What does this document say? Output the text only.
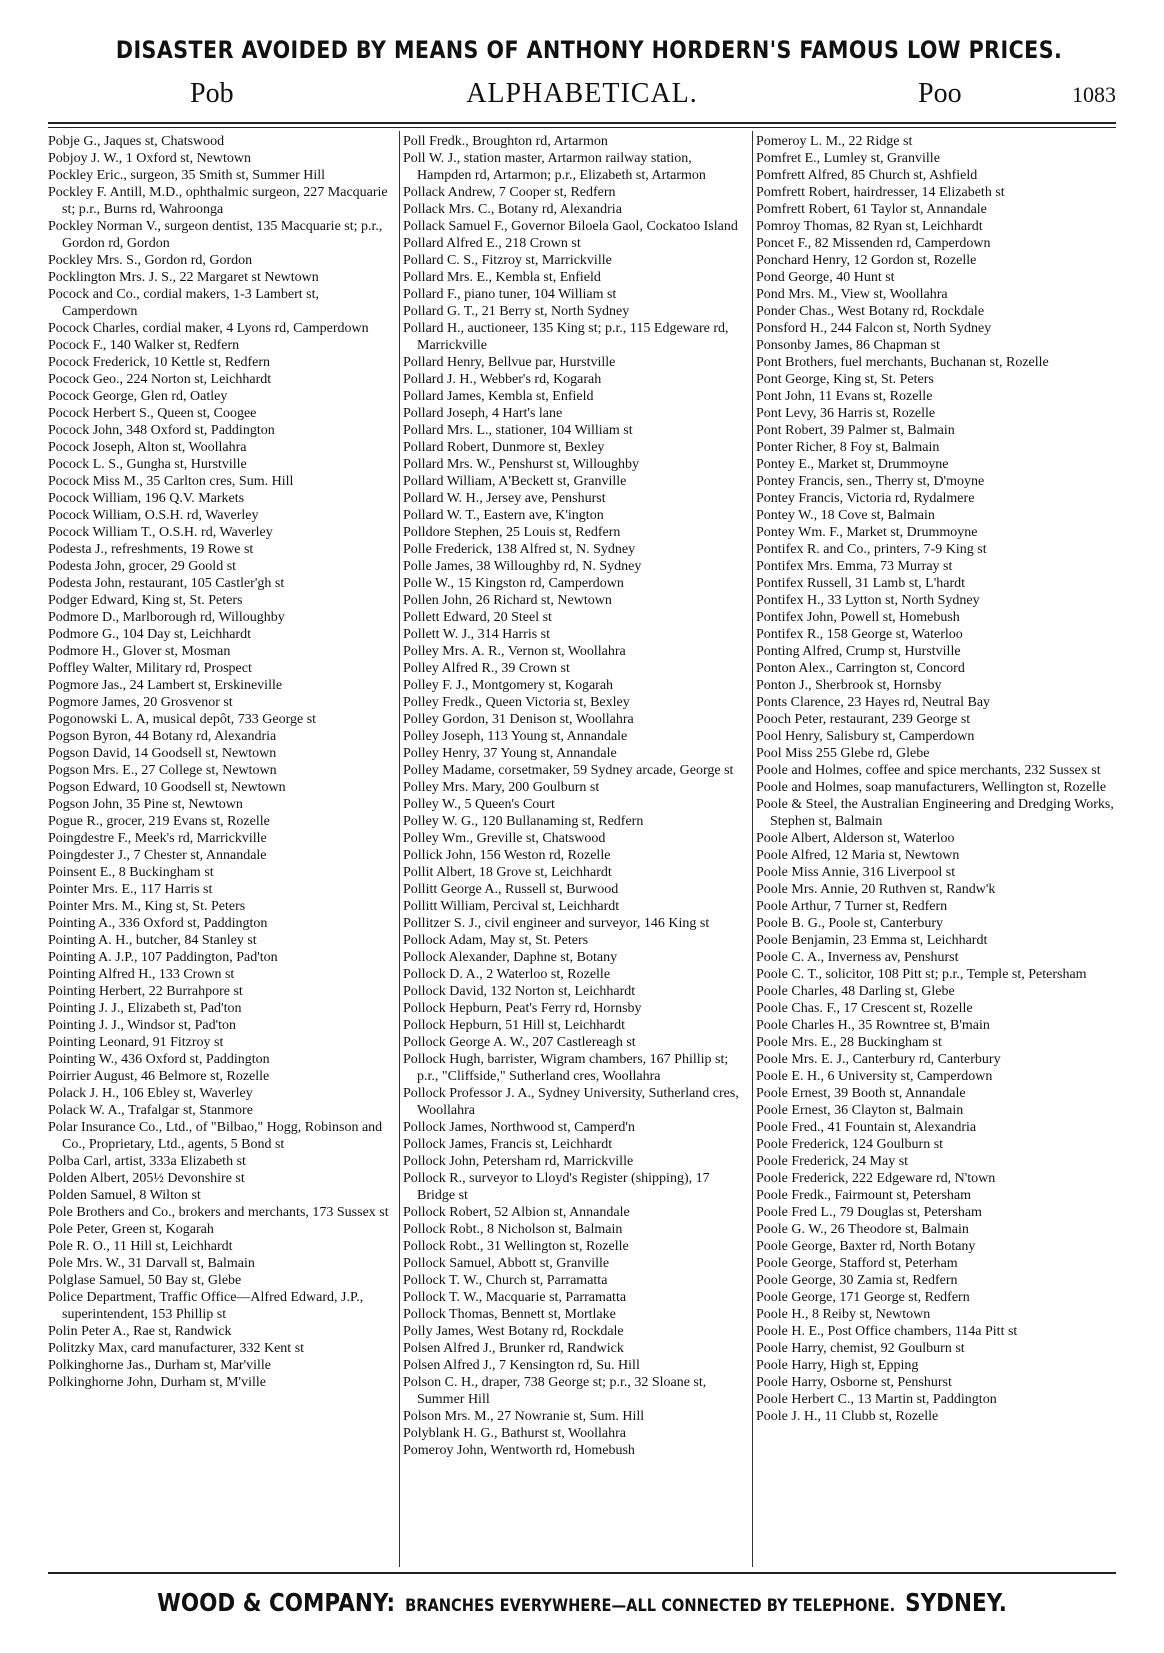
DISASTER AVOIDED BY MEANS OF ANTHONY HORDERN'S FAMOUS LOW PRICES.
Pob	ALPHABETICAL.	Poo	1083

Pobje G., Jaques st, Chatswood

Pobjoy J. W., 1 Oxford st, Newtown

Pockley Eric., surgeon, 35 Smith st, Summer Hill

Pockley F. Antill, M.D., ophthalmic surgeon, 227 Macquarie st; p.r., Burns rd, Wahroonga

Pockley Norman V., surgeon dentist, 135 Macquarie st; p.r., Gordon rd, Gordon

Pockley Mrs. S., Gordon rd, Gordon

Pocklington Mrs. J. S., 22 Margaret st Newtown

Pocock and Co., cordial makers, 1-3 Lambert st, Camperdown

Pocock Charles, cordial maker, 4 Lyons rd, Camperdown

Pocock F., 140 Walker st, Redfern

Pocock Frederick, 10 Kettle st, Redfern

Pocock Geo., 224 Norton st, Leichhardt

Pocock George, Glen rd, Oatley

Pocock Herbert S., Queen st, Coogee

Pocock John, 348 Oxford st, Paddington

Pocock Joseph, Alton st, Woollahra

Pocock L. S., Gungha st, Hurstville

Pocock Miss M., 35 Carlton cres, Sum. Hill

Pocock William, 196 Q.V. Markets

Pocock William, O.S.H. rd, Waverley

Pocock William T., O.S.H. rd, Waverley

Podesta J., refreshments, 19 Rowe st

Podesta John, grocer, 29 Goold st

Podesta John, restaurant, 105 Castler'gh st

Podger Edward, King st, St. Peters

Podmore D., Marlborough rd, Willoughby

Podmore G., 104 Day st, Leichhardt

Podmore H., Glover st, Mosman

Poffley Walter, Military rd, Prospect

Pogmore Jas., 24 Lambert st, Erskineville

Pogmore James, 20 Grosvenor st

Pogonowski L. A, musical depôt, 733 George st

Pogson Byron, 44 Botany rd, Alexandria

Pogson David, 14 Goodsell st, Newtown

Pogson Mrs. E., 27 College st, Newtown

Pogson Edward, 10 Goodsell st, Newtown

Pogson John, 35 Pine st, Newtown

Pogue R., grocer, 219 Evans st, Rozelle

Poingdestre F., Meek's rd, Marrickville

Poingdester J., 7 Chester st, Annandale

Poinsent E., 8 Buckingham st

Pointer Mrs. E., 117 Harris st

Pointer Mrs. M., King st, St. Peters

Pointing A., 336 Oxford st, Paddington

Pointing A. H., butcher, 84 Stanley st

Pointing A. J.P., 107 Paddington, Pad'ton

Pointing Alfred H., 133 Crown st

Pointing Herbert, 22 Burrahpore st

Pointing J. J., Elizabeth st, Pad'ton

Pointing J. J., Windsor st, Pad'ton

Pointing Leonard, 91 Fitzroy st

Pointing W., 436 Oxford st, Paddington

Poirrier August, 46 Belmore st, Rozelle

Polack J. H., 106 Ebley st, Waverley

Polack W. A., Trafalgar st, Stanmore

Polar Insurance Co., Ltd., of "Bilbao," Hogg, Robinson and Co., Proprietary, Ltd., agents, 5 Bond st

Polba Carl, artist, 333a Elizabeth st

Polden Albert, 205½ Devonshire st

Polden Samuel, 8 Wilton st

Pole Brothers and Co., brokers and merchants, 173 Sussex st

Pole Peter, Green st, Kogarah

Pole R. O., 11 Hill st, Leichhardt

Pole Mrs. W., 31 Darvall st, Balmain

Polglase Samuel, 50 Bay st, Glebe

Police Department, Traffic Office—Alfred Edward, J.P., superintendent, 153 Phillip st

Polin Peter A., Rae st, Randwick

Politzky Max, card manufacturer, 332 Kent st

Polkinghorne Jas., Durham st, Mar'ville

Polkinghorne John, Durham st, M'ville

Poll Fredk., Broughton rd, Artarmon

Poll W. J., station master, Artarmon railway station, Hampden rd, Artarmon; p.r., Elizabeth st, Artarmon

Pollack Andrew, 7 Cooper st, Redfern

Pollack Mrs. C., Botany rd, Alexandria

Pollack Samuel F., Governor Biloela Gaol, Cockatoo Island

Pollard Alfred E., 218 Crown st

Pollard C. S., Fitzroy st, Marrickville

Pollard Mrs. E., Kembla st, Enfield

Pollard F., piano tuner, 104 William st

Pollard G. T., 21 Berry st, North Sydney

Pollard H., auctioneer, 135 King st; p.r., 115 Edgeware rd, Marrickville

Pollard Henry, Bellvue par, Hurstville

Pollard J. H., Webber's rd, Kogarah

Pollard James, Kembla st, Enfield

Pollard Joseph, 4 Hart's lane

Pollard Mrs. L., stationer, 104 William st

Pollard Robert, Dunmore st, Bexley

Pollard Mrs. W., Penshurst st, Willoughby

Pollard William, A'Beckett st, Granville

Pollard W. H., Jersey ave, Penshurst

Pollard W. T., Eastern ave, K'ington

Polldore Stephen, 25 Louis st, Redfern

Polle Frederick, 138 Alfred st, N. Sydney

Polle James, 38 Willoughby rd, N. Sydney

Polle W., 15 Kingston rd, Camperdown

Pollen John, 26 Richard st, Newtown

Pollett Edward, 20 Steel st

Pollett W. J., 314 Harris st

Polley Mrs. A. R., Vernon st, Woollahra

Polley Alfred R., 39 Crown st

Polley F. J., Montgomery st, Kogarah

Polley Fredk., Queen Victoria st, Bexley

Polley Gordon, 31 Denison st, Woollahra

Polley Joseph, 113 Young st, Annandale

Polley Henry, 37 Young st, Annandale

Polley Madame, corsetmaker, 59 Sydney arcade, George st

Polley Mrs. Mary, 200 Goulburn st

Polley W., 5 Queen's Court

Polley W. G., 120 Bullanaming st, Redfern

Polley Wm., Greville st, Chatswood

Pollick John, 156 Weston rd, Rozelle

Pollit Albert, 18 Grove st, Leichhardt

Pollitt George A., Russell st, Burwood

Pollitt William, Percival st, Leichhardt

Pollitzer S. J., civil engineer and surveyor, 146 King st

Pollock Adam, May st, St. Peters

Pollock Alexander, Daphne st, Botany

Pollock D. A., 2 Waterloo st, Rozelle

Pollock David, 132 Norton st, Leichhardt

Pollock Hepburn, Peat's Ferry rd, Hornsby

Pollock Hepburn, 51 Hill st, Leichhardt

Pollock George A. W., 207 Castlereagh st

Pollock Hugh, barrister, Wigram chambers, 167 Phillip st; p.r., "Cliffside," Sutherland cres, Woollahra

Pollock Professor J. A., Sydney University, Sutherland cres, Woollahra

Pollock James, Northwood st, Camperd'n

Pollock James, Francis st, Leichhardt

Pollock John, Petersham rd, Marrickville

Pollock R., surveyor to Lloyd's Register (shipping), 17 Bridge st

Pollock Robert, 52 Albion st, Annandale

Pollock Robt., 8 Nicholson st, Balmain

Pollock Robt., 31 Wellington st, Rozelle

Pollock Samuel, Abbott st, Granville

Pollock T. W., Church st, Parramatta

Pollock T. W., Macquarie st, Parramatta

Pollock Thomas, Bennett st, Mortlake

Polly James, West Botany rd, Rockdale

Polsen Alfred J., Brunker rd, Randwick

Polsen Alfred J., 7 Kensington rd, Su. Hill

Polson C. H., draper, 738 George st; p.r., 32 Sloane st, Summer Hill

Polson Mrs. M., 27 Nowranie st, Sum. Hill

Polyblank H. G., Bathurst st, Woollahra

Pomeroy John, Wentworth rd, Homebush

Pomeroy L. M., 22 Ridge st

Pomfret E., Lumley st, Granville

Pomfrett Alfred, 85 Church st, Ashfield

Pomfrett Robert, hairdresser, 14 Elizabeth st

Pomfrett Robert, 61 Taylor st, Annandale

Pomroy Thomas, 82 Ryan st, Leichhardt

Poncet F., 82 Missenden rd, Camperdown

Ponchard Henry, 12 Gordon st, Rozelle

Pond George, 40 Hunt st

Pond Mrs. M., View st, Woollahra

Ponder Chas., West Botany rd, Rockdale

Ponsford H., 244 Falcon st, North Sydney

Ponsonby James, 86 Chapman st

Pont Brothers, fuel merchants, Buchanan st, Rozelle

Pont George, King st, St. Peters

Pont John, 11 Evans st, Rozelle

Pont Levy, 36 Harris st, Rozelle

Pont Robert, 39 Palmer st, Balmain

Ponter Richer, 8 Foy st, Balmain

Pontey E., Market st, Drummoyne

Pontey Francis, sen., Therry st, D'moyne

Pontey Francis, Victoria rd, Rydalmere

Pontey W., 18 Cove st, Balmain

Pontey Wm. F., Market st, Drummoyne

Pontifex R. and Co., printers, 7-9 King st

Pontifex Mrs. Emma, 73 Murray st

Pontifex Russell, 31 Lamb st, L'hardt

Pontifex H., 33 Lytton st, North Sydney

Pontifex John, Powell st, Homebush

Pontifex R., 158 George st, Waterloo

Ponting Alfred, Crump st, Hurstville

Ponton Alex., Carrington st, Concord

Ponton J., Sherbrook st, Hornsby

Ponts Clarence, 23 Hayes rd, Neutral Bay

Pooch Peter, restaurant, 239 George st

Pool Henry, Salisbury st, Camperdown

Pool Miss 255 Glebe rd, Glebe

Poole and Holmes, coffee and spice merchants, 232 Sussex st

Poole and Holmes, soap manufacturers, Wellington st, Rozelle

Poole & Steel, the Australian Engineering and Dredging Works, Stephen st, Balmain

Poole Albert, Alderson st, Waterloo

Poole Alfred, 12 Maria st, Newtown

Poole Miss Annie, 316 Liverpool st

Poole Mrs. Annie, 20 Ruthven st, Randw'k

Poole Arthur, 7 Turner st, Redfern

Poole B. G., Poole st, Canterbury

Poole Benjamin, 23 Emma st, Leichhardt

Poole C. A., Inverness av, Penshurst

Poole C. T., solicitor, 108 Pitt st; p.r., Temple st, Petersham

Poole Charles, 48 Darling st, Glebe

Poole Chas. F., 17 Crescent st, Rozelle

Poole Charles H., 35 Rowntree st, B'main

Poole Mrs. E., 28 Buckingham st

Poole Mrs. E. J., Canterbury rd, Canterbury

Poole E. H., 6 University st, Camperdown

Poole Ernest, 39 Booth st, Annandale

Poole Ernest, 36 Clayton st, Balmain

Poole Fred., 41 Fountain st, Alexandria

Poole Frederick, 124 Goulburn st

Poole Frederick, 24 May st

Poole Frederick, 222 Edgeware rd, N'town

Poole Fredk., Fairmount st, Petersham

Poole Fred L., 79 Douglas st, Petersham

Poole G. W., 26 Theodore st, Balmain

Poole George, Baxter rd, North Botany

Poole George, Stafford st, Peterham

Poole George, 30 Zamia st, Redfern

Poole George, 171 George st, Redfern

Poole H., 8 Reiby st, Newtown

Poole H. E., Post Office chambers, 114a Pitt st

Poole Harry, chemist, 92 Goulburn st

Poole Harry, High st, Epping

Poole Harry, Osborne st, Penshurst

Poole Herbert C., 13 Martin st, Paddington

Poole J. H., 11 Clubb st, Rozelle

WOOD & COMPANY: BRANCHES EVERYWHERE—ALL CONNECTED BY TELEPHONE. SYDNEY.
